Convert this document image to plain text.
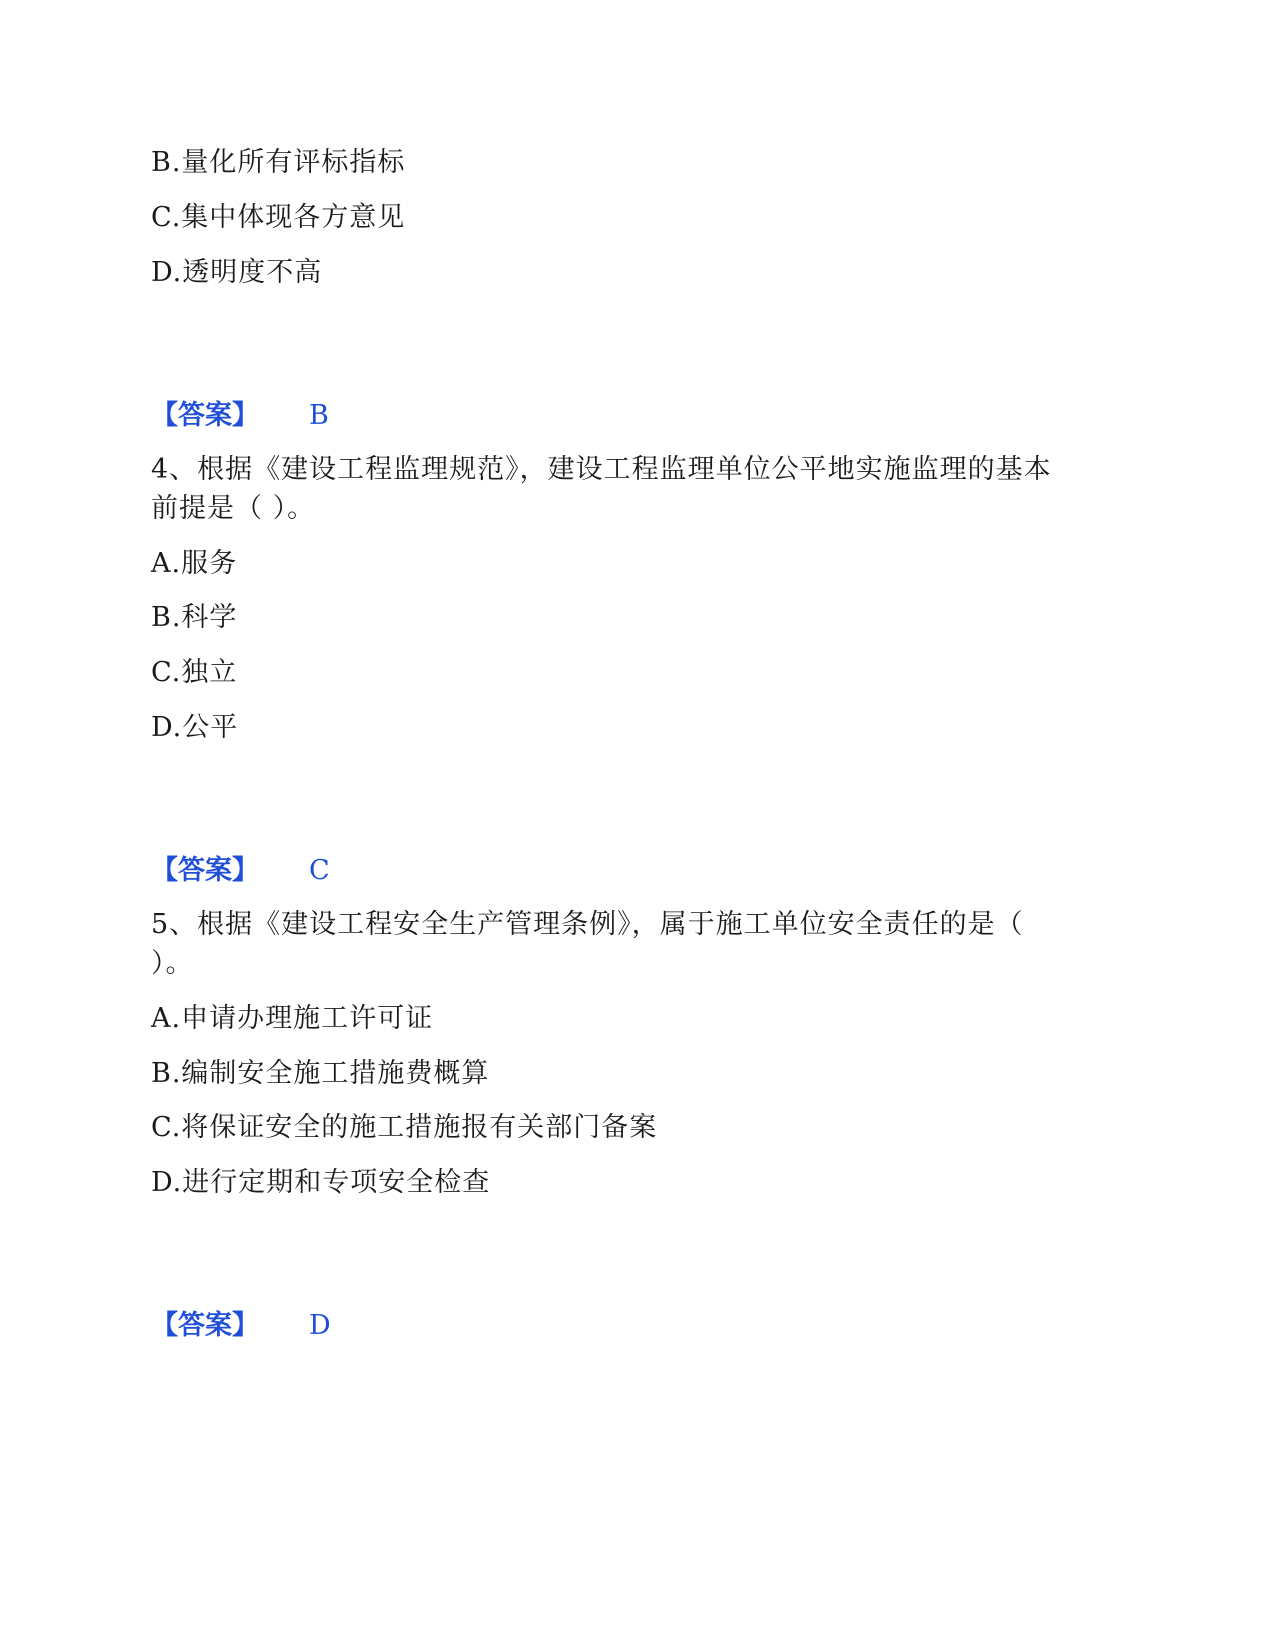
B.量化所有评标指标
C.集中体现各方意见
D.透明度不高
【答案】 B
4、根据《建设工程监理规范》，建设工程监理单位公平地实施监理的基本
前提是（ ）。
A.服务
B.科学
C.独立
D.公平
【答案】 C
5、根据《建设工程安全生产管理条例》，属于施工单位安全责任的是（
）。
A.申请办理施工许可证
B.编制安全施工措施费概算
C.将保证安全的施工措施报有关部门备案
D.进行定期和专项安全检查
【答案】 D
